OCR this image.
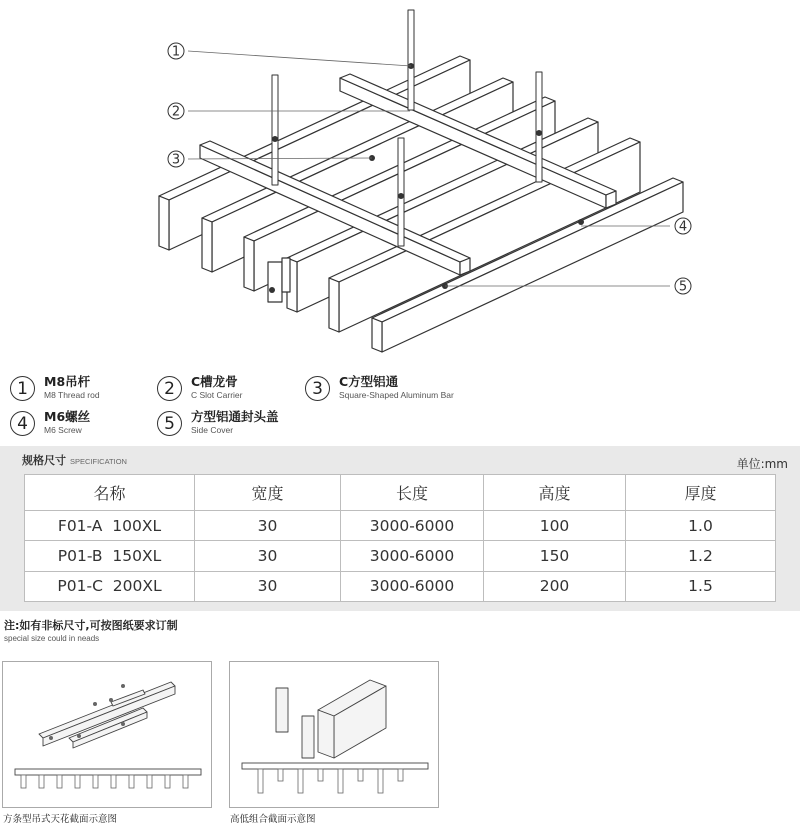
1
2
3
4
5
1	M8吊杆
M8 Thread rod	2	C槽龙骨
C Slot Carrier	3	C方型铝通
Square-Shaped Aluminum Bar
4	M6螺丝
M6 Screw	5	方型铝通封头盖
Side Cover
规格尺寸 SPECIFICATION	单位:mm
名称	宽度	长度	高度	厚度
F01-A  100XL	30	3000-6000	100	1.0
P01-B  150XL	30	3000-6000	150	1.2
P01-C  200XL	30	3000-6000	200	1.5
注:如有非标尺寸,可按图纸要求订制
special size could in neads
方条型吊式天花截面示意图	高低组合截面示意图
